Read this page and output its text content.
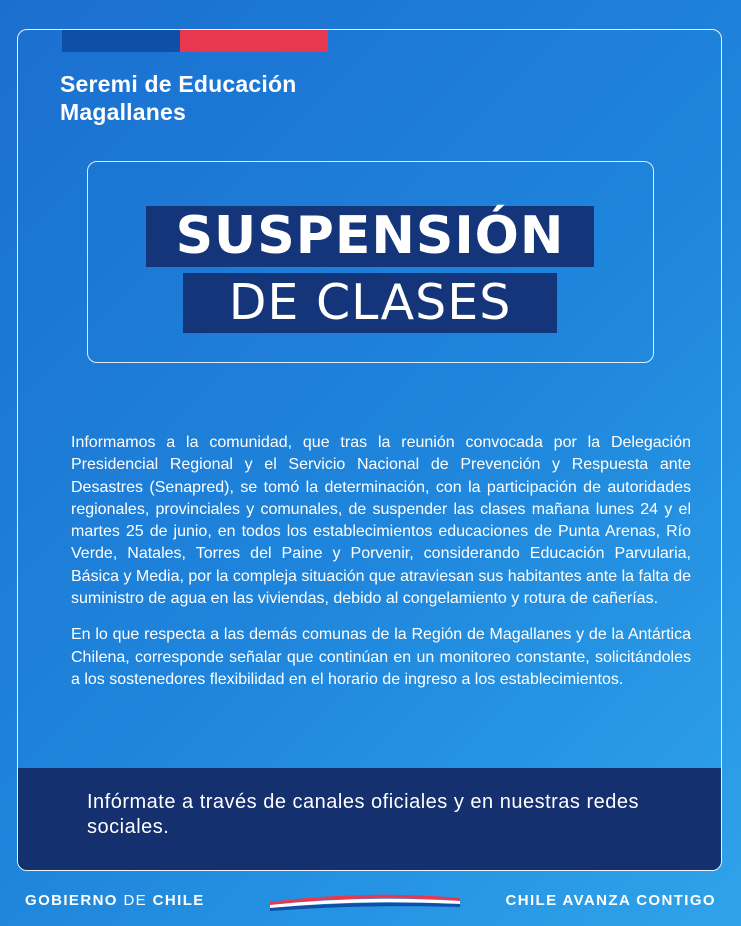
Seremi de Educación
Magallanes
SUSPENSIÓN
DE CLASES

Informamos a la comunidad, que tras la reunión convocada por la Delegación Presidencial Regional y el Servicio Nacional de Prevención y Respuesta ante Desastres (Senapred), se tomó la determinación, con la participación de autoridades regionales, provinciales y comunales, de suspender las clases mañana lunes 24 y el martes 25 de junio, en todos los establecimientos educaciones de Punta Arenas, Río Verde, Natales, Torres del Paine y Porvenir, considerando Educación Parvularia, Básica y Media, por la compleja situación que atraviesan sus habitantes ante la falta de suministro de agua en las viviendas, debido al congelamiento y rotura de cañerías.

En lo que respecta a las demás comunas de la Región de Magallanes y de la Antártica Chilena, corresponde señalar que continúan en un monitoreo constante, solicitándoles a los sostenedores flexibilidad en el horario de ingreso a los establecimientos.

Infórmate a través de canales oficiales y en nuestras redes sociales.
GOBIERNO DE CHILE	CHILE AVANZA CONTIGO
